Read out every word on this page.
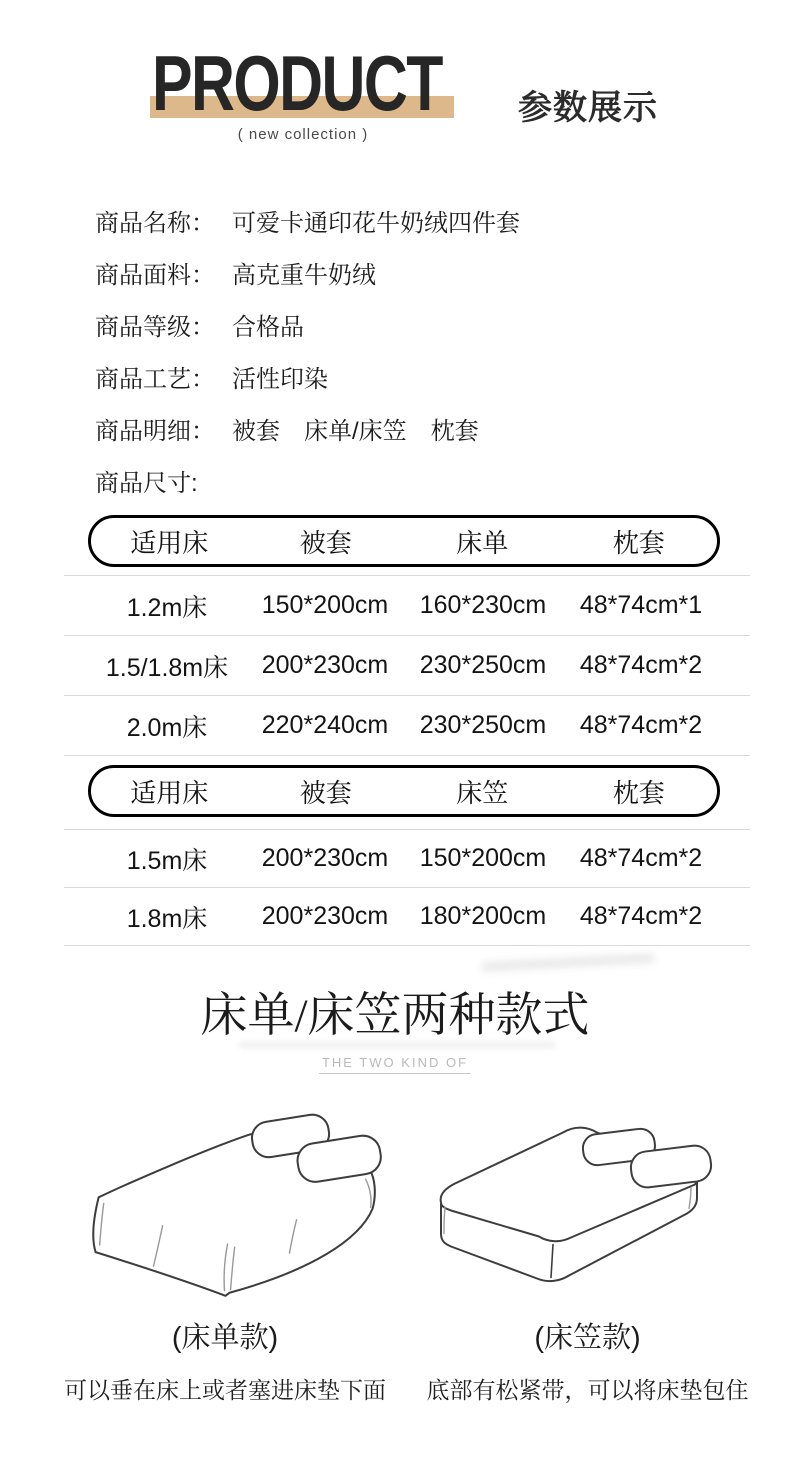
PRODUCT
( new collection )
参数展示
商品名称： 可爱卡通印花牛奶绒四件套
商品面料： 高克重牛奶绒
商品等级： 合格品
商品工艺： 活性印染
商品明细： 被套　床单/床笠　枕套
商品尺寸:
适用床	被套	床单	枕套
1.2m床	150*200cm	160*230cm	48*74cm*1
1.5/1.8m床	200*230cm	230*250cm	48*74cm*2
2.0m床	220*240cm	230*250cm	48*74cm*2
适用床	被套	床笠	枕套
1.5m床	200*230cm	150*200cm	48*74cm*2
1.8m床	200*230cm	180*200cm	48*74cm*2
床单/床笠两种款式
THE TWO KIND OF
(床单款)
可以垂在床上或者塞进床垫下面
(床笠款)
底部有松紧带，可以将床垫包住
